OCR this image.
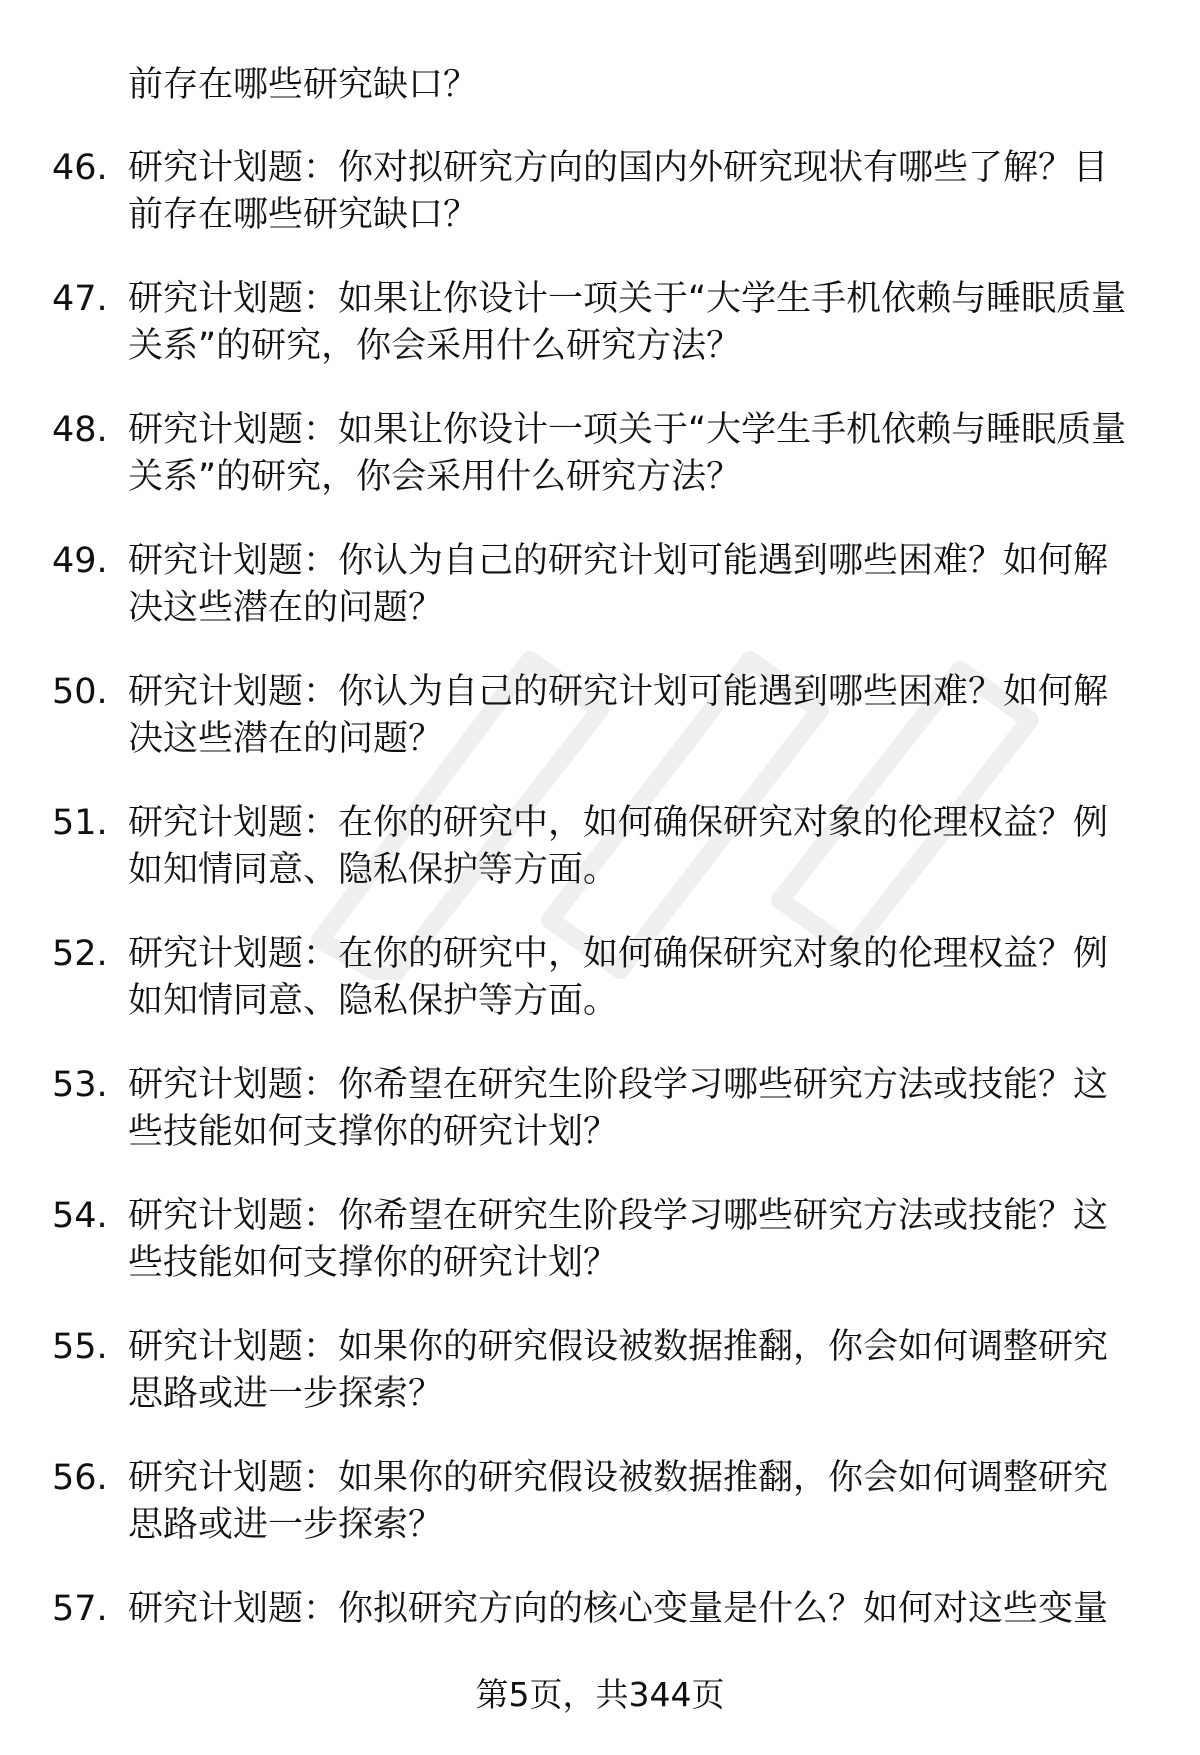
前存在哪些研究缺口？
46. 研究计划题：你对拟研究方向的国内外研究现状有哪些了解？目前存在哪些研究缺口？
47. 研究计划题：如果让你设计一项关于“大学生手机依赖与睡眠质量关系”的研究，你会采用什么研究方法？
48. 研究计划题：如果让你设计一项关于“大学生手机依赖与睡眠质量关系”的研究，你会采用什么研究方法？
49. 研究计划题：你认为自己的研究计划可能遇到哪些困难？如何解决这些潜在的问题？
50. 研究计划题：你认为自己的研究计划可能遇到哪些困难？如何解决这些潜在的问题？
51. 研究计划题：在你的研究中，如何确保研究对象的伦理权益？例如知情同意、隐私保护等方面。
52. 研究计划题：在你的研究中，如何确保研究对象的伦理权益？例如知情同意、隐私保护等方面。
53. 研究计划题：你希望在研究生阶段学习哪些研究方法或技能？这些技能如何支撑你的研究计划？
54. 研究计划题：你希望在研究生阶段学习哪些研究方法或技能？这些技能如何支撑你的研究计划？
55. 研究计划题：如果你的研究假设被数据推翻，你会如何调整研究思路或进一步探索？
56. 研究计划题：如果你的研究假设被数据推翻，你会如何调整研究思路或进一步探索？
57. 研究计划题：你拟研究方向的核心变量是什么？如何对这些变量
第5页，共344页
